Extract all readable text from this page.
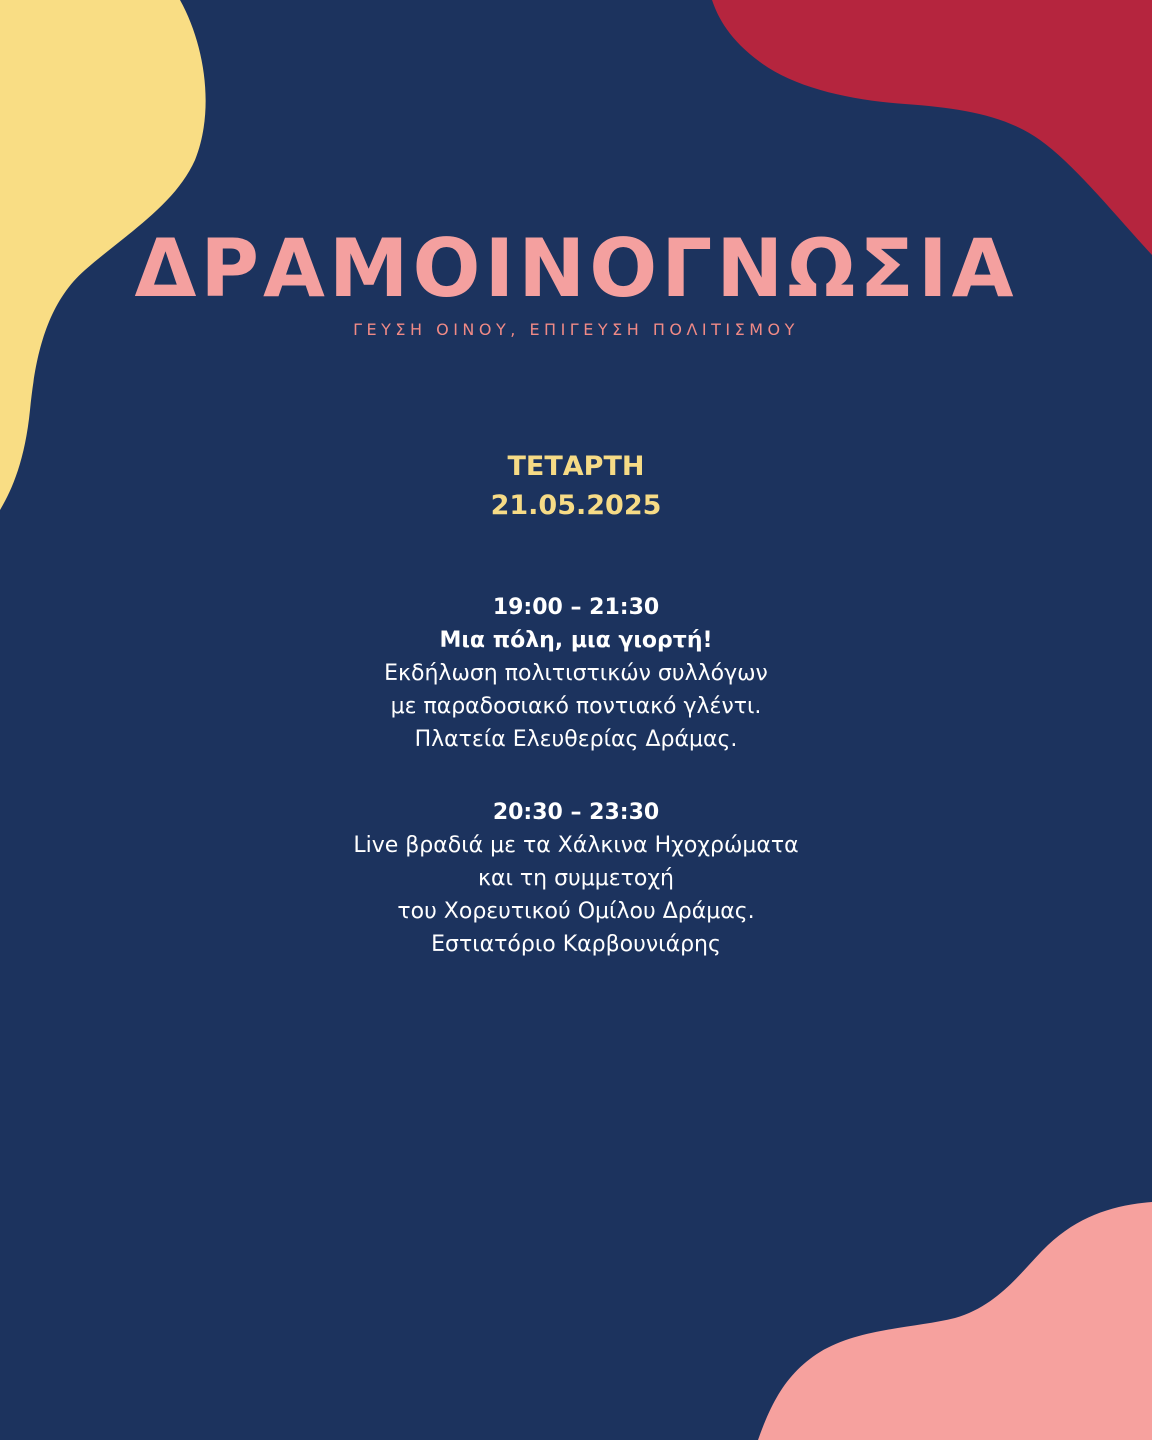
ΔΡΑΜΟΙΝΟΓΝΩΣΙΑ

ΓΕΥΣΗ ΟΙΝΟΥ, ΕΠΙΓΕΥΣΗ ΠΟΛΙΤΙΣΜΟΥ

ΤΕΤΑΡΤΗ
21.05.2025
19:00 – 21:30
Μια πόλη, μια γιορτή!
Εκδήλωση πολιτιστικών συλλόγων
με παραδοσιακό ποντιακό γλέντι.
Πλατεία Ελευθερίας Δράμας.
20:30 – 23:30
Live βραδιά με τα Χάλκινα Ηχοχρώματα
και τη συμμετοχή
του Χορευτικού Ομίλου Δράμας.
Εστιατόριο Καρβουνιάρης
